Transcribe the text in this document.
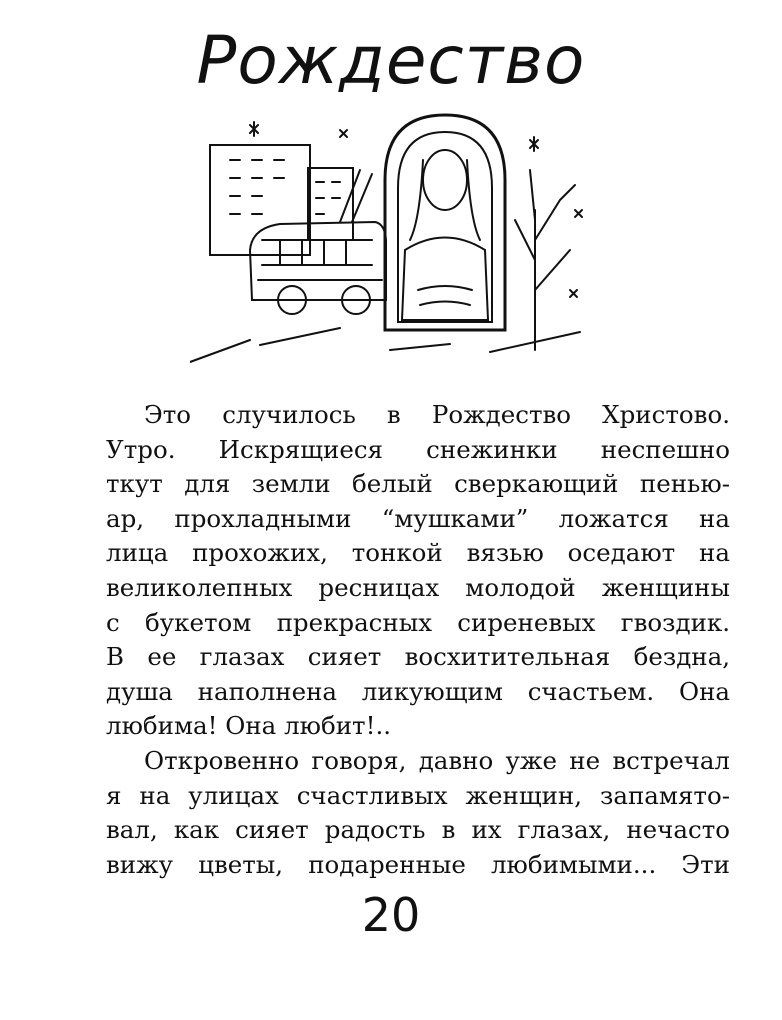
Рождество

Это случилось в Рождество Христово.
Утро. Искрящиеся снежинки неспешно
ткут для земли белый сверкающий пенью-
ар, прохладными “мушками” ложатся на
лица прохожих, тонкой вязью оседают на
великолепных ресницах молодой женщины
с букетом прекрасных сиреневых гвоздик.
В ее глазах сияет восхитительная бездна,
душа наполнена ликующим счастьем. Она
любима! Она любит!..

Откровенно говоря, давно уже не встречал
я на улицах счастливых женщин, запамято-
вал, как сияет радость в их глазах, нечасто
вижу цветы, подаренные любимыми... Эти

20
